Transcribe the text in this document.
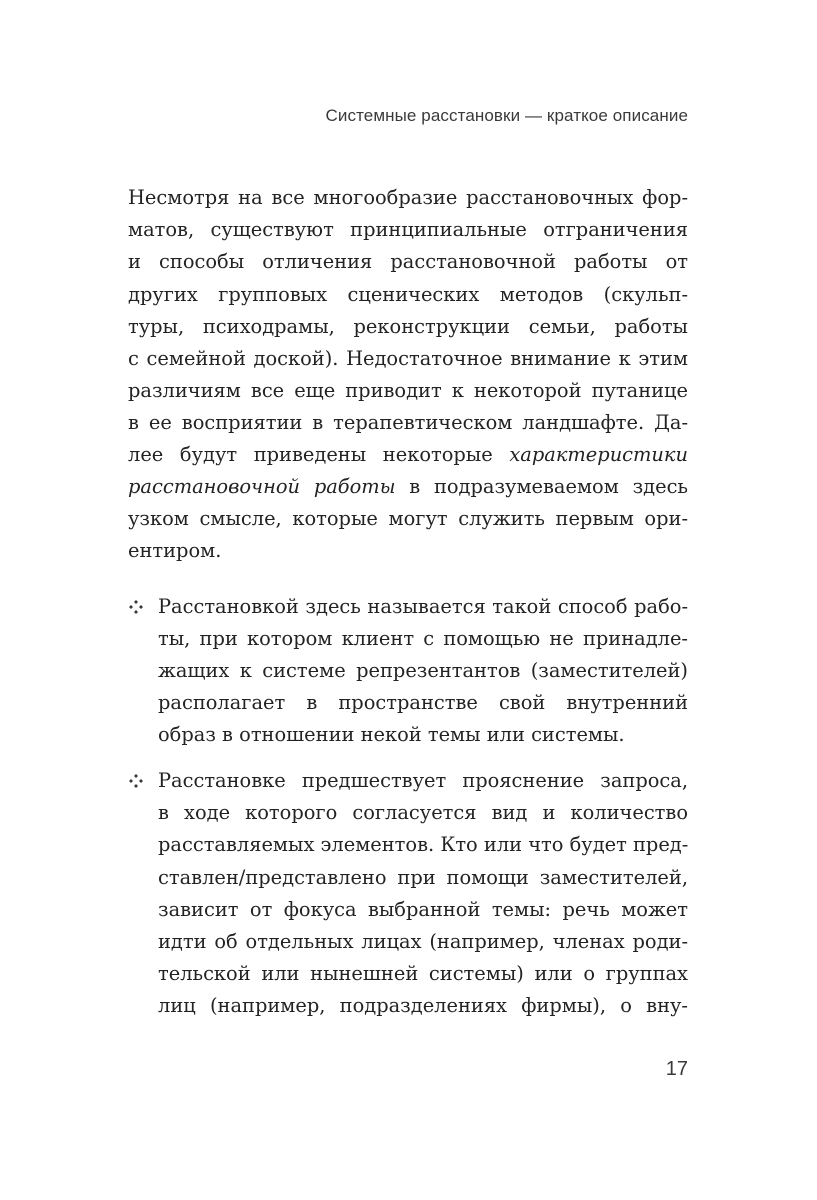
Системные расстановки — краткое описание
Несмотря на все многообразие расстановочных фор-
матов, существуют принципиальные отграничения
и способы отличения расстановочной работы от
других групповых сценических методов (скульп-
туры, психодрамы, реконструкции семьи, работы
с семейной доской). Недостаточное внимание к этим
различиям все еще приводит к некоторой путанице
в ее восприятии в терапевтическом ландшафте. Да-
лее будут приведены некоторые характеристики
расстановочной работы в подразумеваемом здесь
узком смысле, которые могут служить первым ори-
ентиром.
Расстановкой здесь называется такой способ рабо-
ты, при котором клиент с помощью не принадле-
жащих к системе репрезентантов (заместителей)
располагает в пространстве свой внутренний
образ в отношении некой темы или системы.
Расстановке предшествует прояснение запроса,
в ходе которого согласуется вид и количество
расставляемых элементов. Кто или что будет пред-
ставлен/представлено при помощи заместителей,
зависит от фокуса выбранной темы: речь может
идти об отдельных лицах (например, членах роди-
тельской или нынешней системы) или о группах
лиц (например, подразделениях фирмы), о вну-
17
